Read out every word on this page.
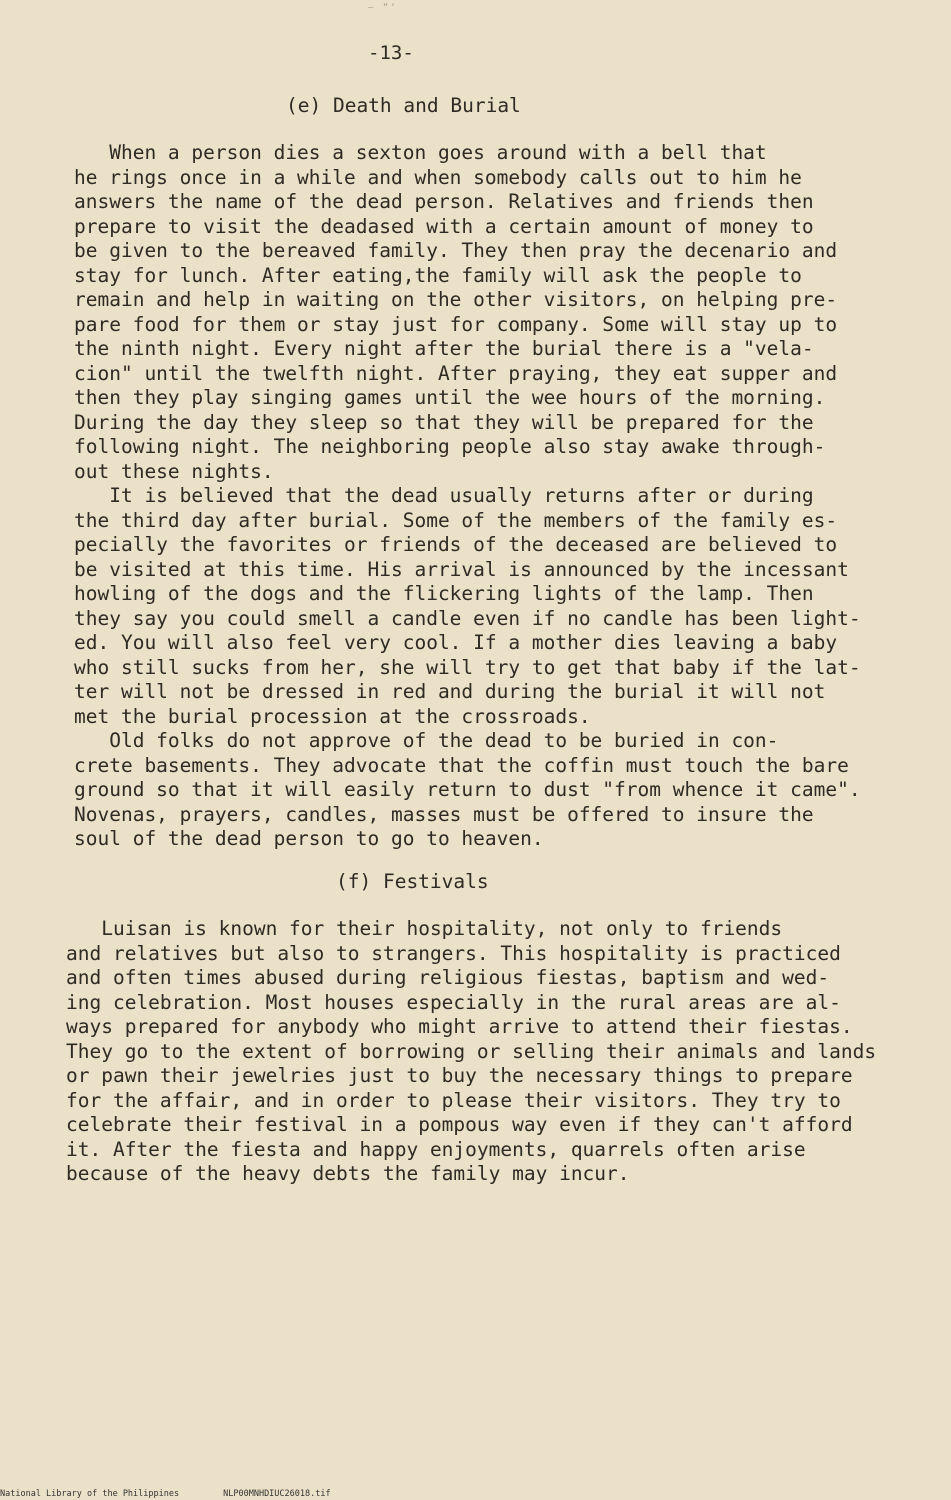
— “‘
-13-
(e) Death and Burial
When a person dies a sexton goes around with a bell that
he rings once in a while and when somebody calls out to him he
answers the name of the dead person. Relatives and friends then
prepare to visit the deadased with a certain amount of money to
be given to the bereaved family. They then pray the decenario and
stay for lunch. After eating,the family will ask the people to
remain and help in waiting on the other visitors, on helping pre-
pare food for them or stay just for company. Some will stay up to
the ninth night. Every night after the burial there is a "vela-
cion" until the twelfth night. After praying, they eat supper and
then they play singing games until the wee hours of the morning.
During the day they sleep so that they will be prepared for the
following night. The neighboring people also stay awake through-
out these nights.
It is believed that the dead usually returns after or during
the third day after burial. Some of the members of the family es-
pecially the favorites or friends of the deceased are believed to
be visited at this time. His arrival is announced by the incessant
howling of the dogs and the flickering lights of the lamp. Then
they say you could smell a candle even if no candle has been light-
ed. You will also feel very cool. If a mother dies leaving a baby
who still sucks from her, she will try to get that baby if the lat-
ter will not be dressed in red and during the burial it will not
met the burial procession at the crossroads.
Old folks do not approve of the dead to be buried in con-
crete basements. They advocate that the coffin must touch the bare
ground so that it will easily return to dust "from whence it came".
Novenas, prayers, candles, masses must be offered to insure the
soul of the dead person to go to heaven.
(f) Festivals
Luisan is known for their hospitality, not only to friends
and relatives but also to strangers. This hospitality is practiced
and often times abused during religious fiestas, baptism and wed-
ing celebration. Most houses especially in the rural areas are al-
ways prepared for anybody who might arrive to attend their fiestas.
They go to the extent of borrowing or selling their animals and lands
or pawn their jewelries just to buy the necessary things to prepare
for the affair, and in order to please their visitors. They try to
celebrate their festival in a pompous way even if they can't afford
it. After the fiesta and happy enjoyments, quarrels often arise
because of the heavy debts the family may incur.
National Library of the Philippines	NLP00MNHDIUC26018.tif
